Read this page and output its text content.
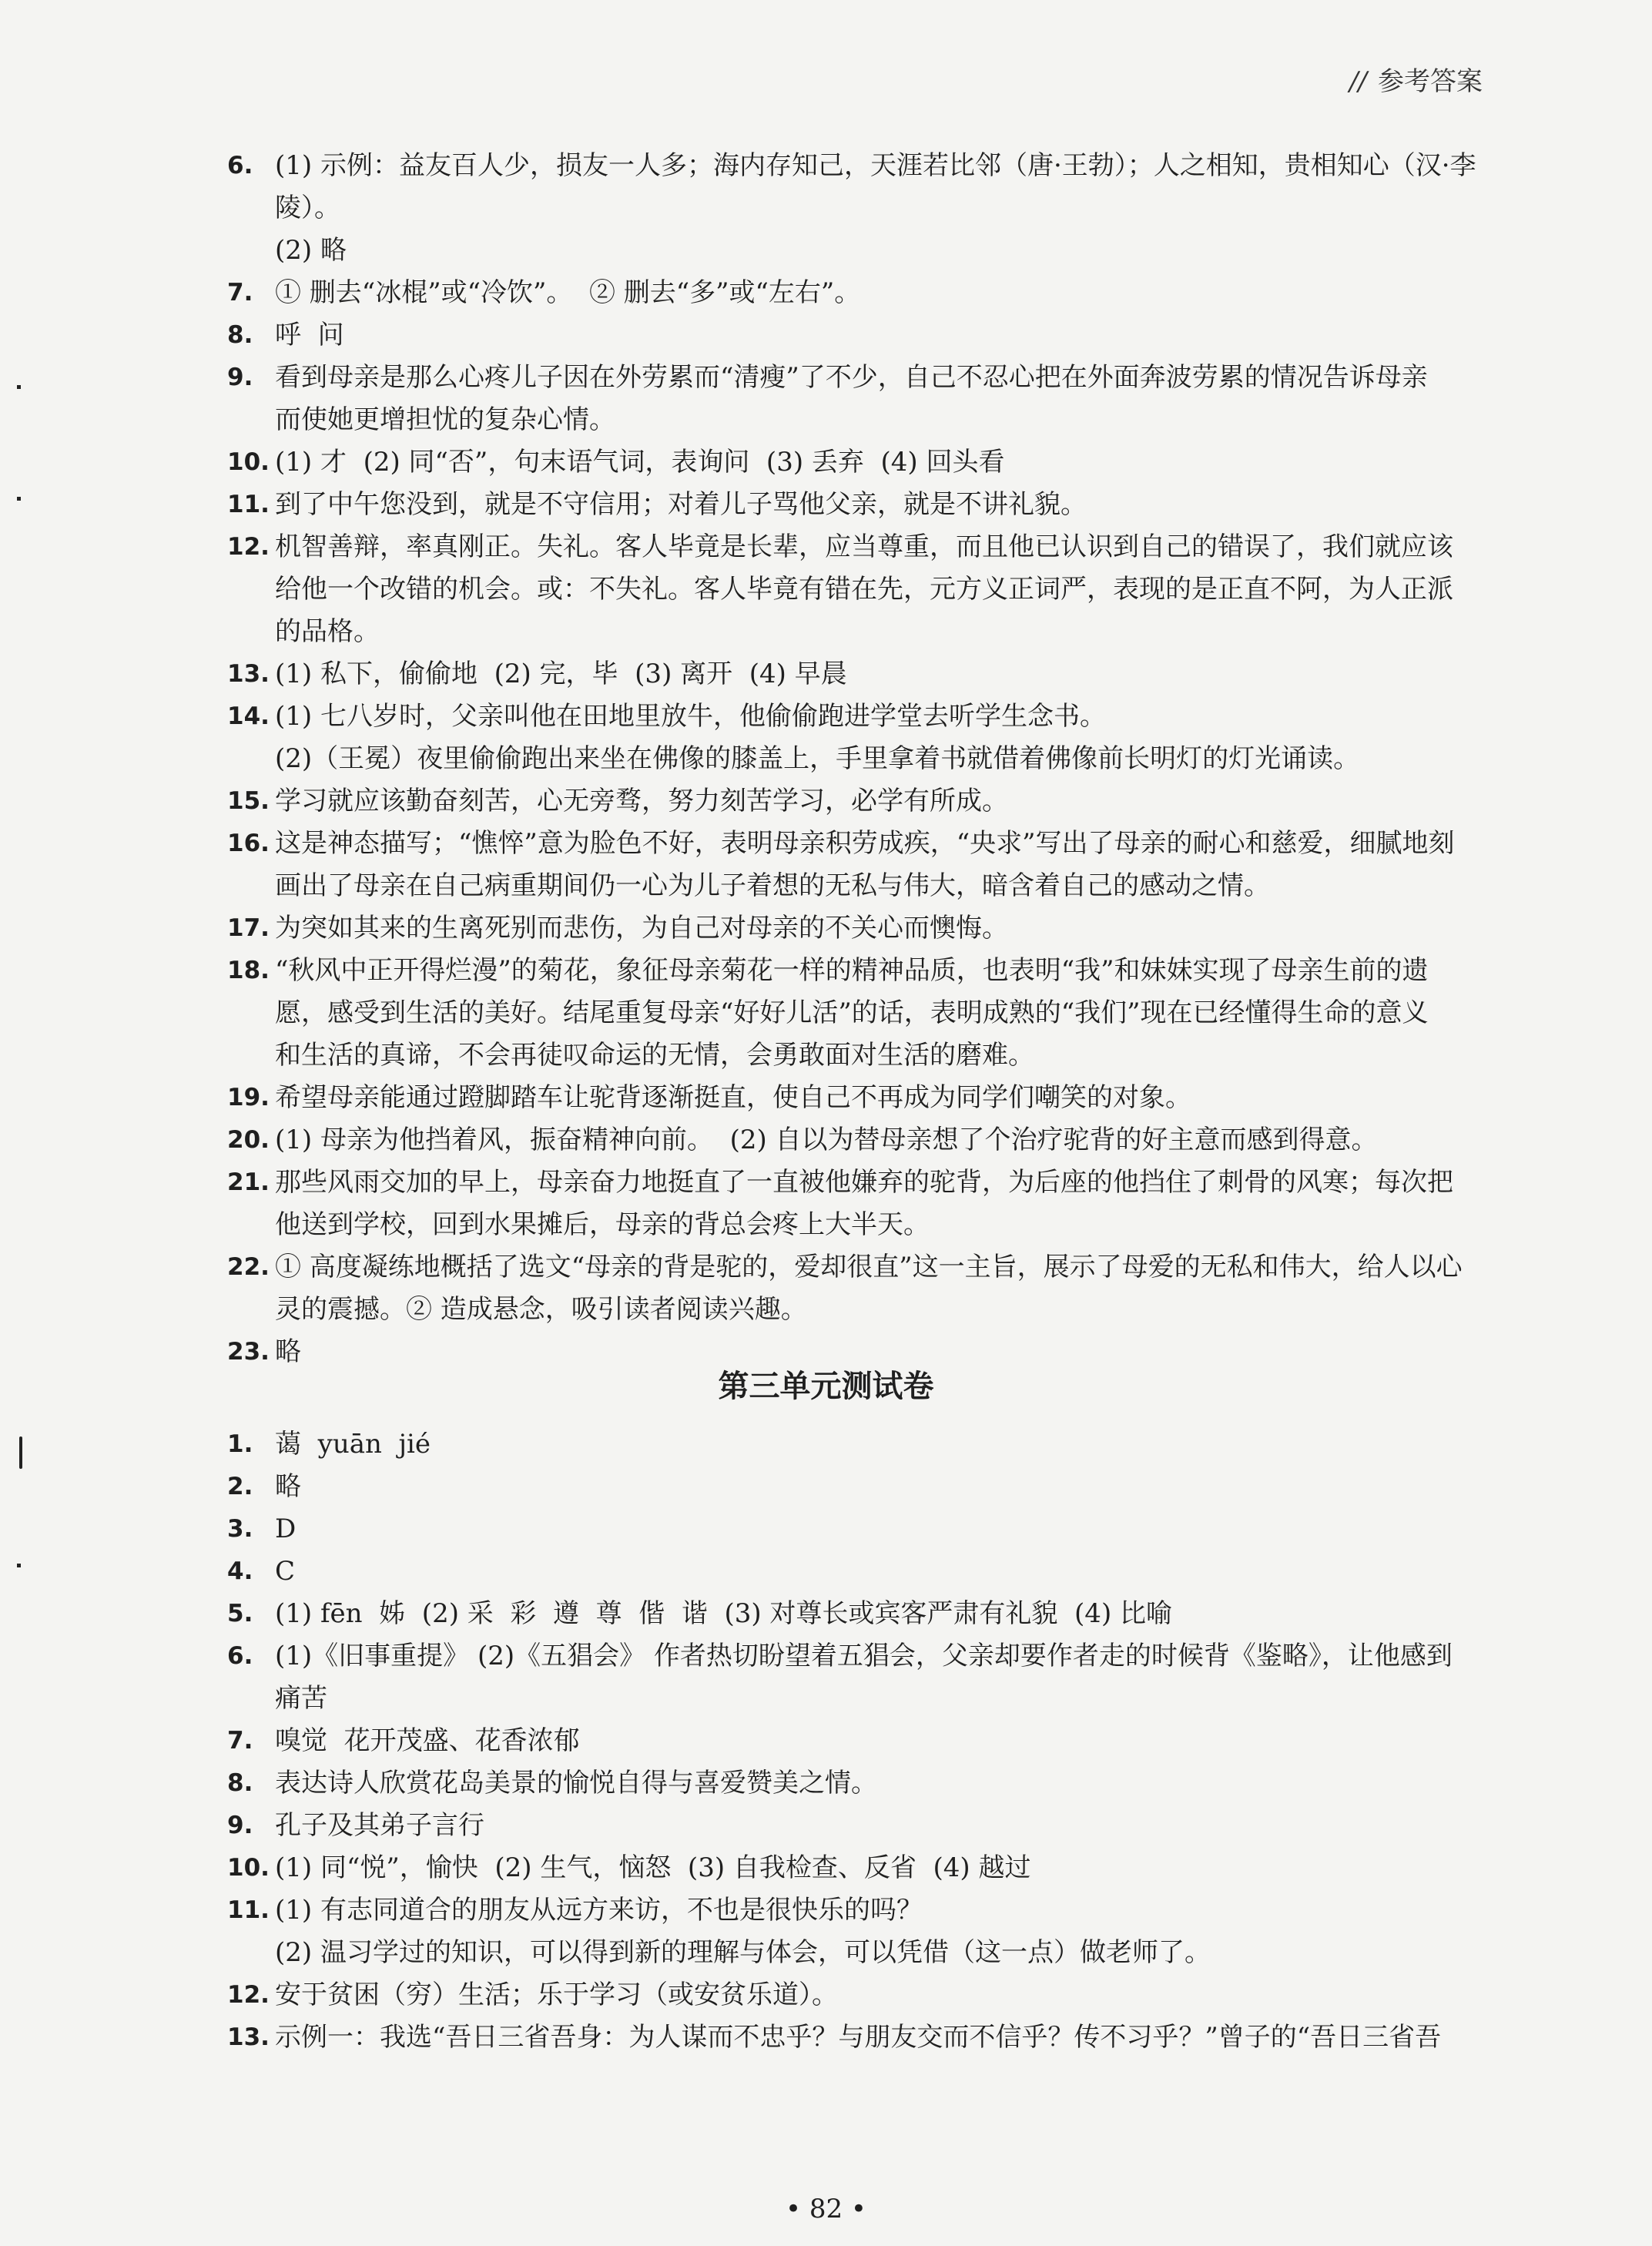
// 参考答案
6. (1) 示例：益友百人少，损友一人多；海内存知己，天涯若比邻（唐·王勃）；人之相知，贵相知心（汉·李陵）。
(2) 略
7. ① 删去“冰棍”或“冷饮”。  ② 删去“多”或“左右”。
8. 呼  问
9. 看到母亲是那么心疼儿子因在外劳累而“清瘦”了不少，自己不忍心把在外面奔波劳累的情况告诉母亲
而使她更增担忧的复杂心情。
10. (1) 才  (2) 同“否”，句末语气词，表询问  (3) 丢弃  (4) 回头看
11. 到了中午您没到，就是不守信用；对着儿子骂他父亲，就是不讲礼貌。
12. 机智善辩，率真刚正。失礼。客人毕竟是长辈，应当尊重，而且他已认识到自己的错误了，我们就应该
给他一个改错的机会。或：不失礼。客人毕竟有错在先，元方义正词严，表现的是正直不阿，为人正派
的品格。
13. (1) 私下，偷偷地  (2) 完，毕  (3) 离开  (4) 早晨
14. (1) 七八岁时，父亲叫他在田地里放牛，他偷偷跑进学堂去听学生念书。
(2)（王冕）夜里偷偷跑出来坐在佛像的膝盖上，手里拿着书就借着佛像前长明灯的灯光诵读。
15. 学习就应该勤奋刻苦，心无旁骛，努力刻苦学习，必学有所成。
16. 这是神态描写；“憔悴”意为脸色不好，表明母亲积劳成疾，“央求”写出了母亲的耐心和慈爱，细腻地刻
画出了母亲在自己病重期间仍一心为儿子着想的无私与伟大，暗含着自己的感动之情。
17. 为突如其来的生离死别而悲伤，为自己对母亲的不关心而懊悔。
18. “秋风中正开得烂漫”的菊花，象征母亲菊花一样的精神品质，也表明“我”和妹妹实现了母亲生前的遗
愿，感受到生活的美好。结尾重复母亲“好好儿活”的话，表明成熟的“我们”现在已经懂得生命的意义
和生活的真谛，不会再徒叹命运的无情，会勇敢面对生活的磨难。
19. 希望母亲能通过蹬脚踏车让驼背逐渐挺直，使自己不再成为同学们嘲笑的对象。
20. (1) 母亲为他挡着风，振奋精神向前。  (2) 自以为替母亲想了个治疗驼背的好主意而感到得意。
21. 那些风雨交加的早上，母亲奋力地挺直了一直被他嫌弃的驼背，为后座的他挡住了刺骨的风寒；每次把
他送到学校，回到水果摊后，母亲的背总会疼上大半天。
22. ① 高度凝练地概括了选文“母亲的背是驼的，爱却很直”这一主旨，展示了母爱的无私和伟大，给人以心
灵的震撼。② 造成悬念，吸引读者阅读兴趣。
23. 略
第三单元测试卷
1. 蔼  yuān  jié
2. 略
3. D
4. C
5. (1) fēn  姊  (2) 采  彩  遵  尊  偕  谐  (3) 对尊长或宾客严肃有礼貌  (4) 比喻
6. (1)《旧事重提》 (2)《五猖会》 作者热切盼望着五猖会，父亲却要作者走的时候背《鉴略》，让他感到
痛苦
7. 嗅觉  花开茂盛、花香浓郁
8. 表达诗人欣赏花岛美景的愉悦自得与喜爱赞美之情。
9. 孔子及其弟子言行
10. (1) 同“悦”，愉快  (2) 生气，恼怒  (3) 自我检查、反省  (4) 越过
11. (1) 有志同道合的朋友从远方来访，不也是很快乐的吗？
(2) 温习学过的知识，可以得到新的理解与体会，可以凭借（这一点）做老师了。
12. 安于贫困（穷）生活；乐于学习（或安贫乐道）。
13. 示例一：我选“吾日三省吾身：为人谋而不忠乎？与朋友交而不信乎？传不习乎？”曾子的“吾日三省吾
• 82 •
